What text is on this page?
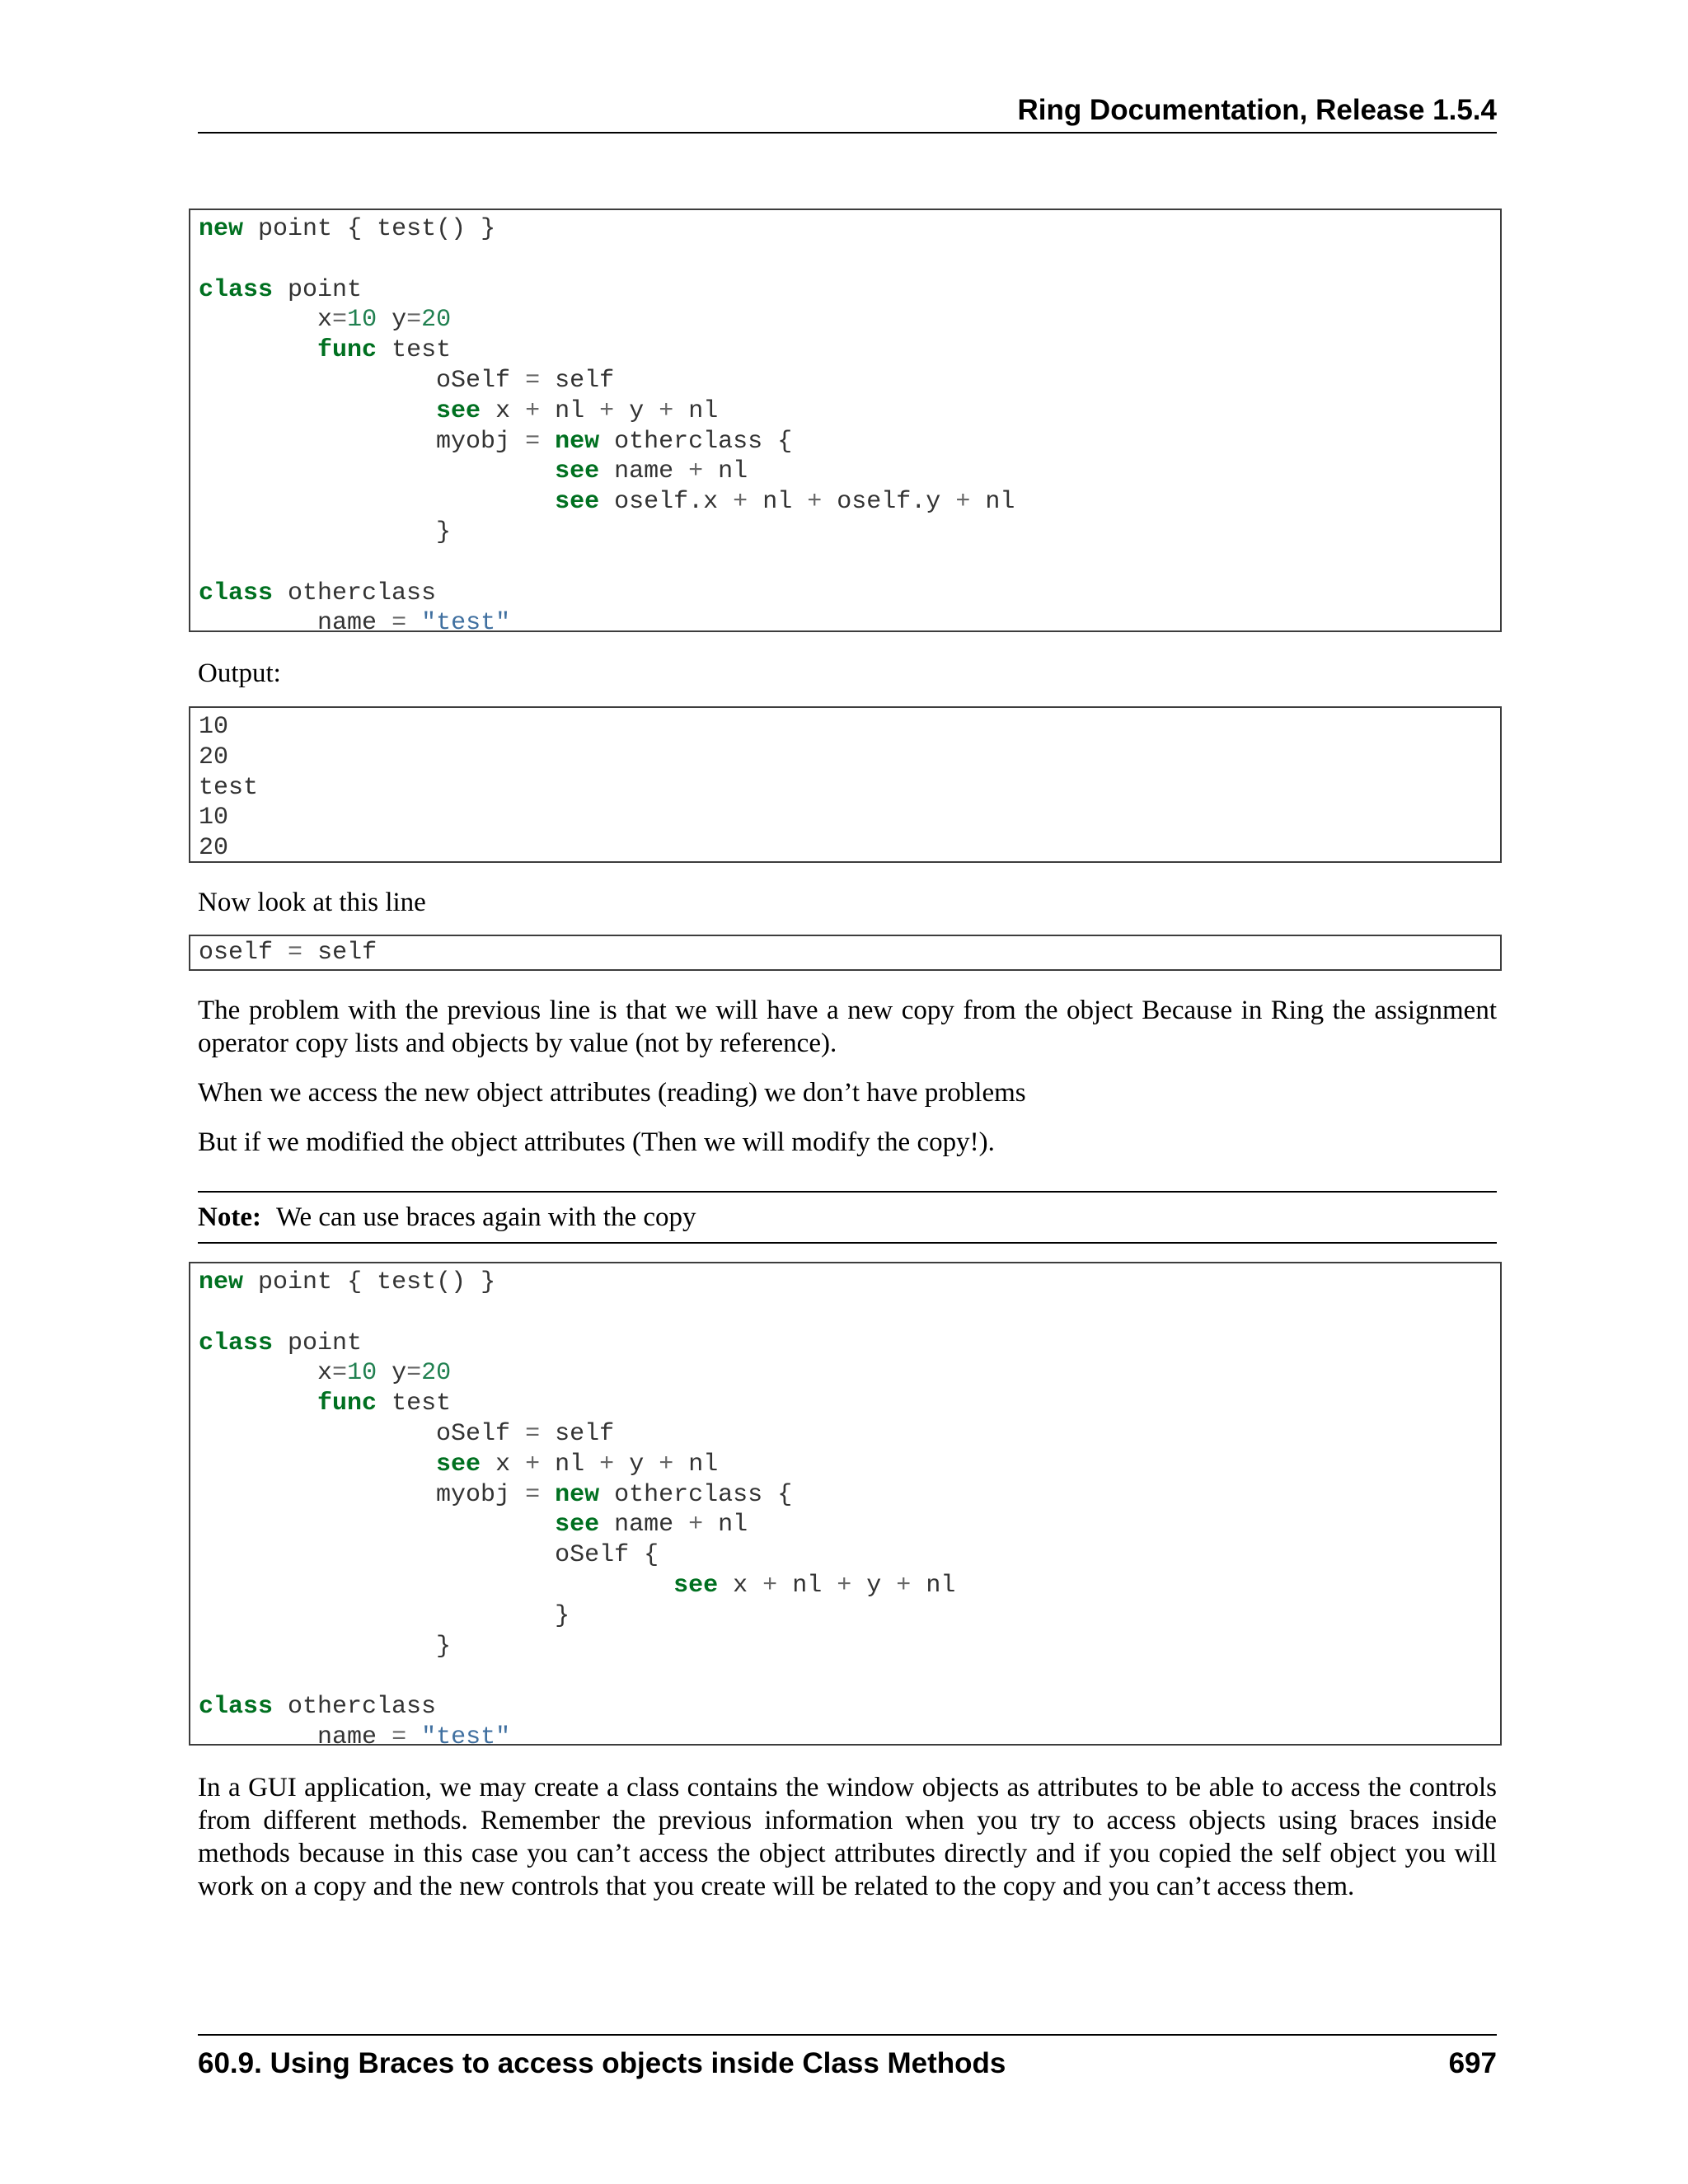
Ring Documentation, Release 1.5.4
new point { test() }
class point
x=10 y=20
func test
oSelf = self
see x + nl + y + nl
myobj = new otherclass {
see name + nl
see oself.x + nl + oself.y + nl
}
class otherclass
name = "test"
Output:
10
20
test
10
20
Now look at this line
oself = self
The problem with the previous line is that we will have a new copy from the object Because in Ring the assignment operator copy lists and objects by value (not by reference).
When we access the new object attributes (reading) we don’t have problems
But if we modified the object attributes (Then we will modify the copy!).
Note: We can use braces again with the copy
new point { test() }
class point
x=10 y=20
func test
oSelf = self
see x + nl + y + nl
myobj = new otherclass {
see name + nl
oSelf {
see x + nl + y + nl
}
}
class otherclass
name = "test"
In a GUI application, we may create a class contains the window objects as attributes to be able to access the controls from different methods. Remember the previous information when you try to access objects using braces inside methods because in this case you can’t access the object attributes directly and if you copied the self object you will work on a copy and the new controls that you create will be related to the copy and you can’t access them.
60.9. Using Braces to access objects inside Class Methods	697
